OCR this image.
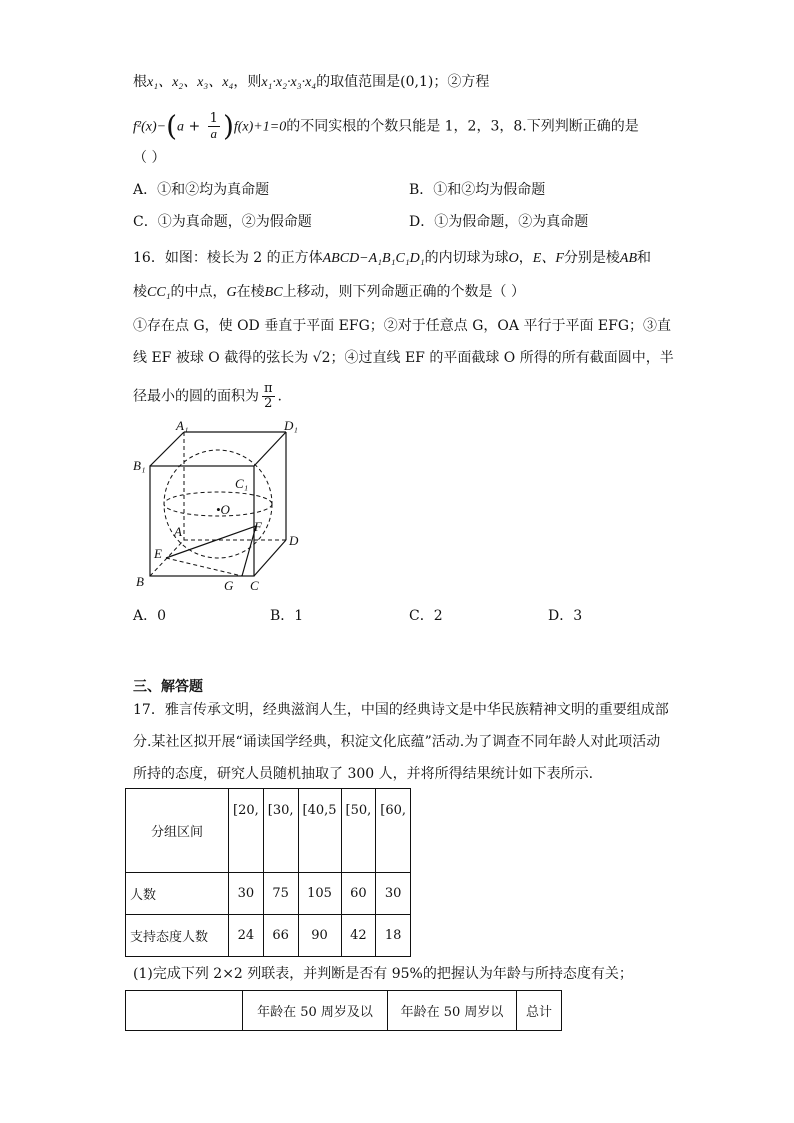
根x₁、x₂、x₃、x₄，则x₁·x₂·x₃·x₄的取值范围是(0,1)；②方程
$f^2(x)-(a + \frac{1}{a} )f(x)+1=0$的不同实根的个数只能是 1，2，3，8.下列判断正确的是
（ ）
A．①和②均为真命题	B．①和②均为假命题
C．①为真命题，②为假命题	D．①为假命题，②为真命题
16．如图：棱长为 2 的正方体ABCD−A₁B₁C₁D₁的内切球为球O，E、F分别是棱AB和
棱CC₁的中点，G在棱BC上移动，则下列命题正确的个数是（ ）
①存在点 G，使 OD 垂直于平面 EFG；②对于任意点 G，OA 平行于平面 EFG；③直
线 EF 被球 O 截得的弦长为 √2；④过直线 EF 的平面截球 O 所得的所有截面圆中，半
径最小的圆的面积为 $\frac{\pi}{2}$ .
A₁	D₁
B₁
C₁
•O
A	F
E
D
B	G C
A．0	B．1	C．2	D．3
三、解答题
17．雅言传承文明，经典滋润人生，中国的经典诗文是中华民族精神文明的重要组成部
分.某社区拟开展“诵读国学经典，积淀文化底蕴”活动.为了调查不同年龄人对此项活动
所持的态度，研究人员随机抽取了 300 人，并将所得结果统计如下表所示.
分组区间	[20,	[30,	[40,5	[50,	[60,
人数	30	75	105	60	30
支持态度人数	24	66	90	42	18
(1)完成下列 2×2 列联表，并判断是否有 95%的把握认为年龄与所持态度有关；
	年龄在 50 周岁及以	年龄在 50 周岁以	总计
